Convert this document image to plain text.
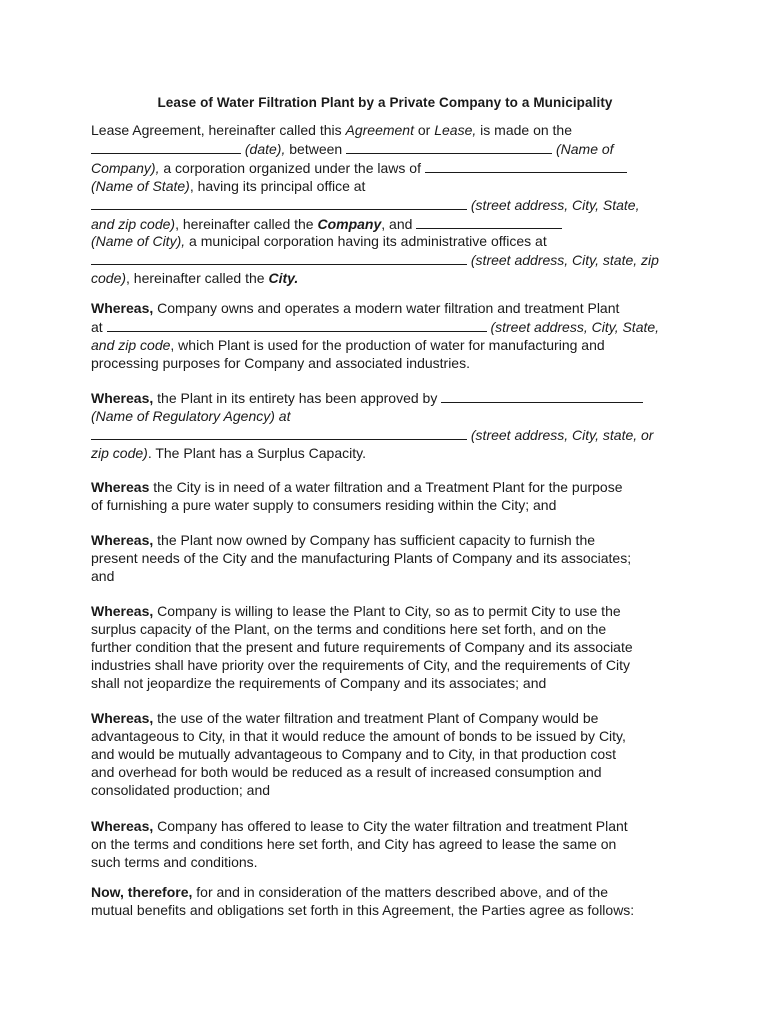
Lease of Water Filtration Plant by a Private Company to a Municipality
Lease Agreement, hereinafter called this Agreement or Lease, is made on the
(date), between	(Name of
Company), a corporation organized under the laws of
(Name of State), having its principal office at
(street address, City, State,
and zip code), hereinafter called the Company, and
(Name of City), a municipal corporation having its administrative offices at
(street address, City, state, zip
code), hereinafter called the City.
Whereas, Company owns and operates a modern water filtration and treatment Plant
at	(street address, City, State,
and zip code, which Plant is used for the production of water for manufacturing and
processing purposes for Company and associated industries.
Whereas, the Plant in its entirety has been approved by
(Name of Regulatory Agency) at
(street address, City, state, or
zip code). The Plant has a Surplus Capacity.
Whereas the City is in need of a water filtration and a Treatment Plant for the purpose
of furnishing a pure water supply to consumers residing within the City; and
Whereas, the Plant now owned by Company has sufficient capacity to furnish the
present needs of the City and the manufacturing Plants of Company and its associates;
and
Whereas, Company is willing to lease the Plant to City, so as to permit City to use the
surplus capacity of the Plant, on the terms and conditions here set forth, and on the
further condition that the present and future requirements of Company and its associate
industries shall have priority over the requirements of City, and the requirements of City
shall not jeopardize the requirements of Company and its associates; and
Whereas, the use of the water filtration and treatment Plant of Company would be
advantageous to City, in that it would reduce the amount of bonds to be issued by City,
and would be mutually advantageous to Company and to City, in that production cost
and overhead for both would be reduced as a result of increased consumption and
consolidated production; and
Whereas, Company has offered to lease to City the water filtration and treatment Plant
on the terms and conditions here set forth, and City has agreed to lease the same on
such terms and conditions.
Now, therefore, for and in consideration of the matters described above, and of the
mutual benefits and obligations set forth in this Agreement, the Parties agree as follows:
